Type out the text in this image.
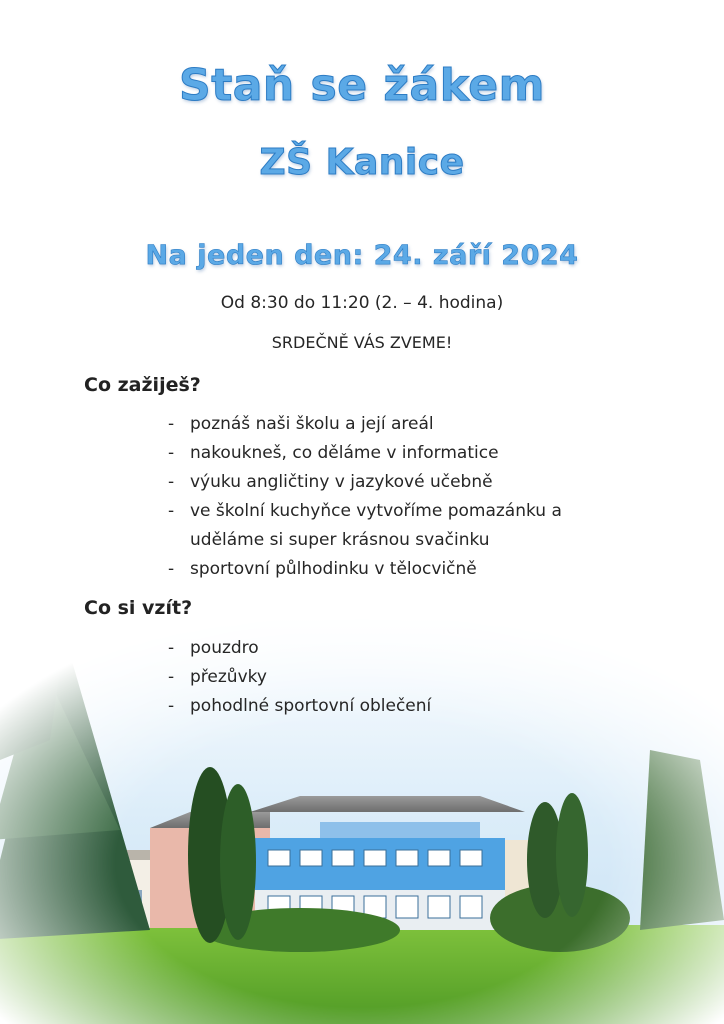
Staň se žákem
ZŠ Kanice
Na jeden den: 24. září 2024
Od 8:30 do 11:20 (2. – 4. hodina)
SRDEČNĚ VÁS ZVEME!
Co zažiješ?
- poznáš naši školu a její areál
- nakoukneš, co děláme v informatice
- výuku angličtiny v jazykové učebně
- ve školní kuchyňce vytvoříme pomazánku a uděláme si super krásnou svačinku
- sportovní půlhodinku v tělocvičně
- pouzdro
- přezůvky
- pohodlné sportovní oblečení
